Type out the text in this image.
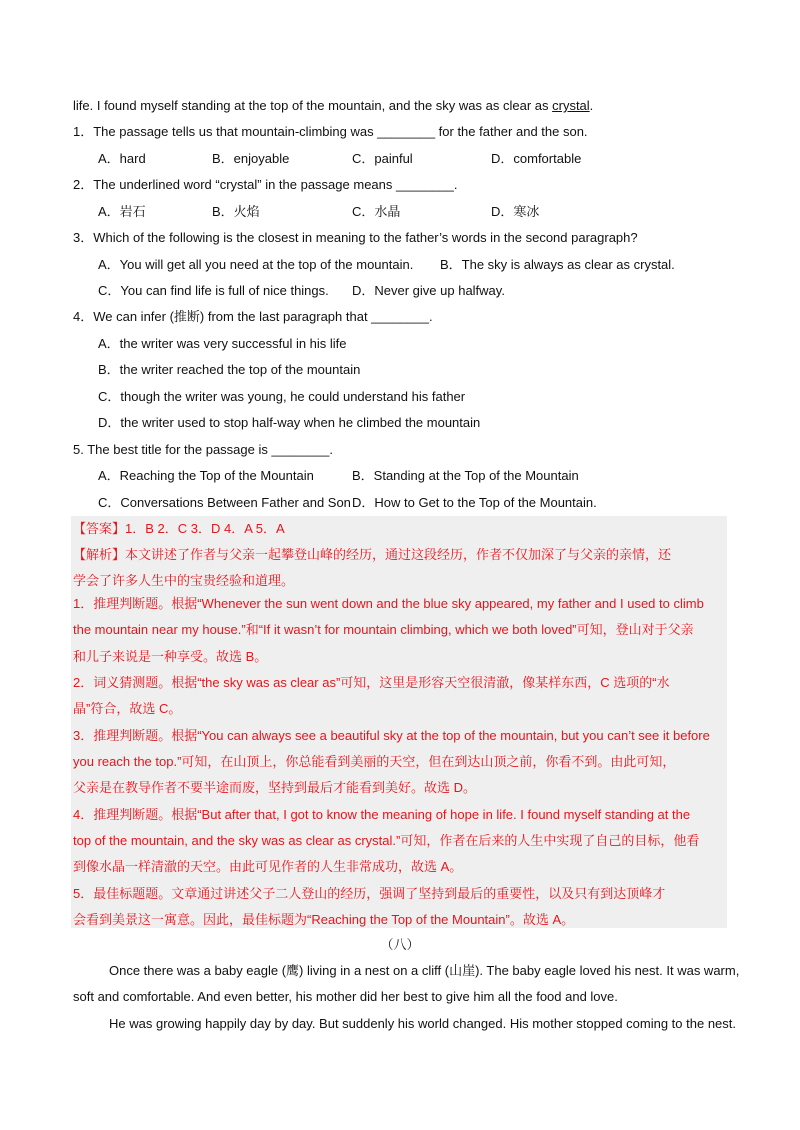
life. I found myself standing at the top of the mountain, and the sky was as clear as crystal.
1．The passage tells us that mountain-climbing was ________ for the father and the son.
A．hard	B．enjoyable	C．painful	D．comfortable
2．The underlined word “crystal” in the passage means ________.
A．岩石	B．火焰	C．水晶	D．寒冰
3．Which of the following is the closest in meaning to the father’s words in the second paragraph?
A．You will get all you need at the top of the mountain. B．The sky is always as clear as crystal.
C．You can find life is full of nice things. D．Never give up halfway.
4．We can infer (推断) from the last paragraph that ________.
A．the writer was very successful in his life
B．the writer reached the top of the mountain
C．though the writer was young, he could understand his father
D．the writer used to stop half-way when he climbed the mountain
5. The best title for the passage is ________.
A．Reaching the Top of the Mountain	B．Standing at the Top of the Mountain
C．Conversations Between Father and Son D．How to Get to the Top of the Mountain.
【答案】1．B 2．C 3．D 4．A 5．A
【解析】本文讲述了作者与父亲一起攀登山峰的经历，通过这段经历，作者不仅加深了与父亲的亲情，还
学会了许多人生中的宝贵经验和道理。
1．推理判断题。根据“Whenever the sun went down and the blue sky appeared, my father and I used to climb
the mountain near my house.”和“If it wasn’t for mountain climbing, which we both loved”可知，登山对于父亲
和儿子来说是一种享受。故选 B。
2．词义猜测题。根据“the sky was as clear as”可知，这里是形容天空很清澈，像某样东西，C 选项的“水
晶”符合，故选 C。
3．推理判断题。根据“You can always see a beautiful sky at the top of the mountain, but you can’t see it before
you reach the top.”可知，在山顶上，你总能看到美丽的天空，但在到达山顶之前，你看不到。由此可知，
父亲是在教导作者不要半途而废，坚持到最后才能看到美好。故选 D。
4．推理判断题。根据“But after that, I got to know the meaning of hope in life. I found myself standing at the
top of the mountain, and the sky was as clear as crystal.”可知，作者在后来的人生中实现了自己的目标，他看
到像水晶一样清澈的天空。由此可见作者的人生非常成功，故选 A。
5．最佳标题题。文章通过讲述父子二人登山的经历，强调了坚持到最后的重要性，以及只有到达顶峰才
会看到美景这一寓意。因此，最佳标题为“Reaching the Top of the Mountain”。故选 A。
（八）
Once there was a baby eagle (鹰) living in a nest on a cliff (山崖). The baby eagle loved his nest. It was warm,
soft and comfortable. And even better, his mother did her best to give him all the food and love.
He was growing happily day by day. But suddenly his world changed. His mother stopped coming to the nest.
